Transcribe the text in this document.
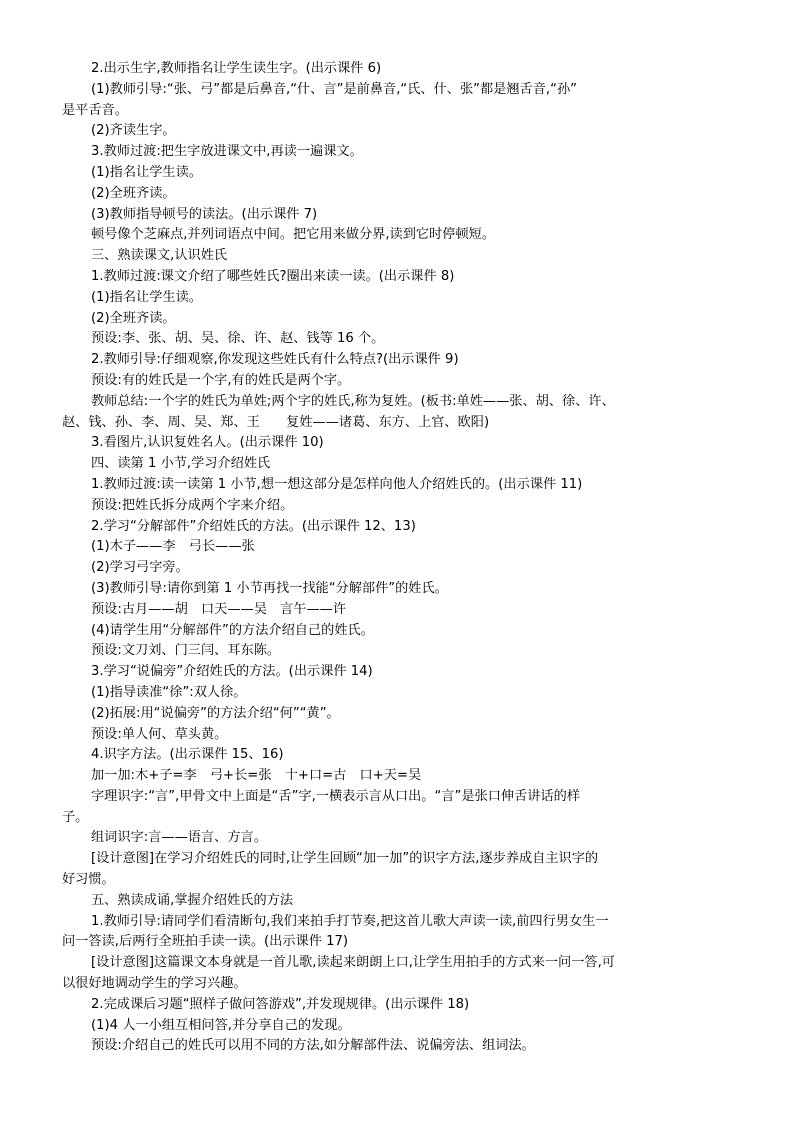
2.出示生字,教师指名让学生读生字。(出示课件 6)
(1)教师引导:“张、弓”都是后鼻音,“什、言”是前鼻音,“氏、什、张”都是翘舌音,“孙”
是平舌音。
(2)齐读生字。
3.教师过渡:把生字放进课文中,再读一遍课文。
(1)指名让学生读。
(2)全班齐读。
(3)教师指导顿号的读法。(出示课件 7)
顿号像个芝麻点,并列词语点中间。把它用来做分界,读到它时停顿短。
三、熟读课文,认识姓氏
1.教师过渡:课文介绍了哪些姓氏?圈出来读一读。(出示课件 8)
(1)指名让学生读。
(2)全班齐读。
预设:李、张、胡、吴、徐、许、赵、钱等 16 个。
2.教师引导:仔细观察,你发现这些姓氏有什么特点?(出示课件 9)
预设:有的姓氏是一个字,有的姓氏是两个字。
教师总结:一个字的姓氏为单姓;两个字的姓氏,称为复姓。(板书:单姓——张、胡、徐、许、
赵、钱、孙、李、周、吴、郑、王　　复姓——诸葛、东方、上官、欧阳)
3.看图片,认识复姓名人。(出示课件 10)
四、读第 1 小节,学习介绍姓氏
1.教师过渡:读一读第 1 小节,想一想这部分是怎样向他人介绍姓氏的。(出示课件 11)
预设:把姓氏拆分成两个字来介绍。
2.学习“分解部件”介绍姓氏的方法。(出示课件 12、13)
(1)木子——李　弓长——张
(2)学习弓字旁。
(3)教师引导:请你到第 1 小节再找一找能“分解部件”的姓氏。
预设:古月——胡　口天——吴　言午——许
(4)请学生用“分解部件”的方法介绍自己的姓氏。
预设:文刀刘、门三闫、耳东陈。
3.学习“说偏旁”介绍姓氏的方法。(出示课件 14)
(1)指导读准“徐”:双人徐。
(2)拓展:用“说偏旁”的方法介绍“何”“黄”。
预设:单人何、草头黄。
4.识字方法。(出示课件 15、16)
加一加:木+子=李　弓+长=张　十+口=古　口+天=吴
字理识字:“言”,甲骨文中上面是“舌”字,一横表示言从口出。“言”是张口伸舌讲话的样
子。
组词识字:言——语言、方言。
[设计意图]在学习介绍姓氏的同时,让学生回顾“加一加”的识字方法,逐步养成自主识字的
好习惯。
五、熟读成诵,掌握介绍姓氏的方法
1.教师引导:请同学们看清断句,我们来拍手打节奏,把这首儿歌大声读一读,前四行男女生一
问一答读,后两行全班拍手读一读。(出示课件 17)
[设计意图]这篇课文本身就是一首儿歌,读起来朗朗上口,让学生用拍手的方式来一问一答,可
以很好地调动学生的学习兴趣。
2.完成课后习题“照样子做问答游戏”,并发现规律。(出示课件 18)
(1)4 人一小组互相问答,并分享自己的发现。
预设:介绍自己的姓氏可以用不同的方法,如分解部件法、说偏旁法、组词法。
